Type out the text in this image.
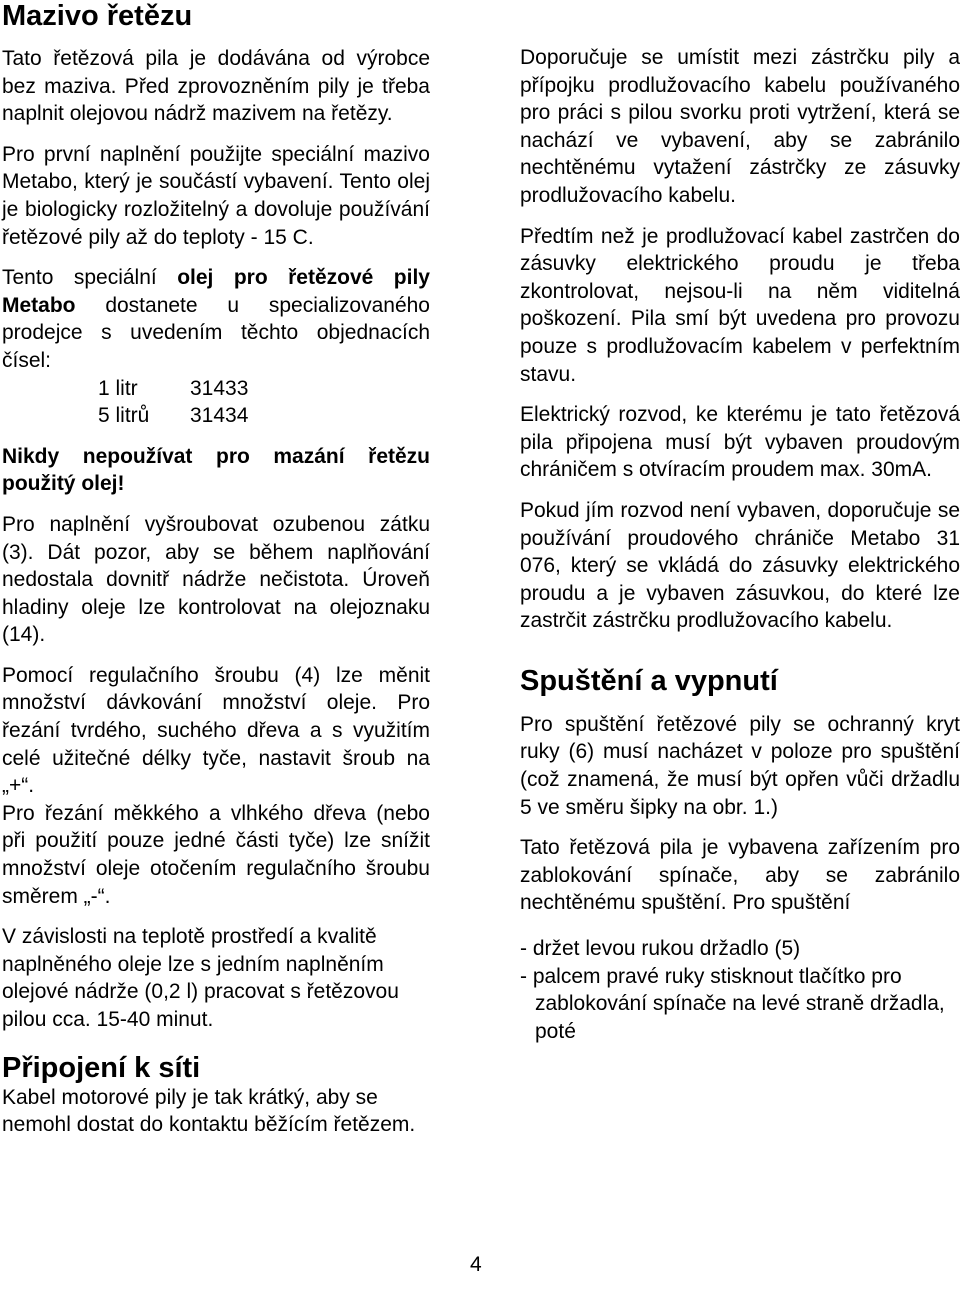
Mazivo řetězu

Tato řetězová pila je dodávána od výrobce bez maziva. Před zprovozněním pily je třeba naplnit olejovou nádrž mazivem na řetězy.

Pro první naplnění použijte speciální mazivo Metabo, který je součástí vybavení. Tento olej je biologicky rozložitelný a dovoluje používání řetězové pily až do teploty - 15 C.

Tento speciální olej pro řetězové pily Metabo dostanete u specializovaného prodejce s uvedením těchto objednacích čísel:

1 litr	31433
5 litrů	31434

Nikdy nepoužívat pro mazání řetězu použitý olej!

Pro naplnění vyšroubovat ozubenou zátku (3). Dát pozor, aby se během naplňování nedostala dovnitř nádrže nečistota. Úroveň hladiny oleje lze kontrolovat na olejoznaku (14).

Pomocí regulačního šroubu (4) lze měnit množství dávkování množství oleje. Pro řezání tvrdého, suchého dřeva a s využitím celé užitečné délky tyče, nastavit šroub na „+“.

Pro řezání měkkého a vlhkého dřeva (nebo při použití pouze jedné části tyče) lze snížit množství oleje otočením regulačního šroubu směrem „-“.

V závislosti na teplotě prostředí a kvalitě naplněného oleje lze s jedním naplněním olejové nádrže (0,2 l) pracovat s řetězovou pilou cca. 15-40 minut.

Připojení k síti

Kabel motorové pily je tak krátký, aby se nemohl dostat do kontaktu běžícím řetězem.

Doporučuje se umístit mezi zástrčku pily a přípojku prodlužovacího kabelu používaného pro práci s pilou svorku proti vytržení, která se nachází ve vybavení, aby se zabránilo nechtěnému vytažení zástrčky ze zásuvky prodlužovacího kabelu.

Předtím než je prodlužovací kabel zastrčen do zásuvky elektrického proudu je třeba zkontrolovat, nejsou-li na něm viditelná poškození. Pila smí být uvedena pro provozu pouze s prodlužovacím kabelem v perfektním stavu.

Elektrický rozvod, ke kterému je tato řetězová pila připojena musí být vybaven proudovým chráničem s otvíracím proudem max. 30mA.

Pokud jím rozvod není vybaven, doporučuje se používání proudového chrániče Metabo 31 076, který se vkládá do zásuvky elektrického proudu a je vybaven zásuvkou, do které lze zastrčit zástrčku prodlužovacího kabelu.

Spuštění a vypnutí

Pro spuštění řetězové pily se ochranný kryt ruky (6) musí nacházet v poloze pro spuštění (což znamená, že musí být opřen vůči držadlu 5 ve směru šipky na obr. 1.)

Tato řetězová pila je vybavena zařízením pro zablokování spínače, aby se zabránilo nechtěnému spuštění. Pro spuštění

- držet levou rukou držadlo (5)

- palcem pravé ruky stisknout tlačítko pro zablokování spínače na levé straně držadla, poté

4
